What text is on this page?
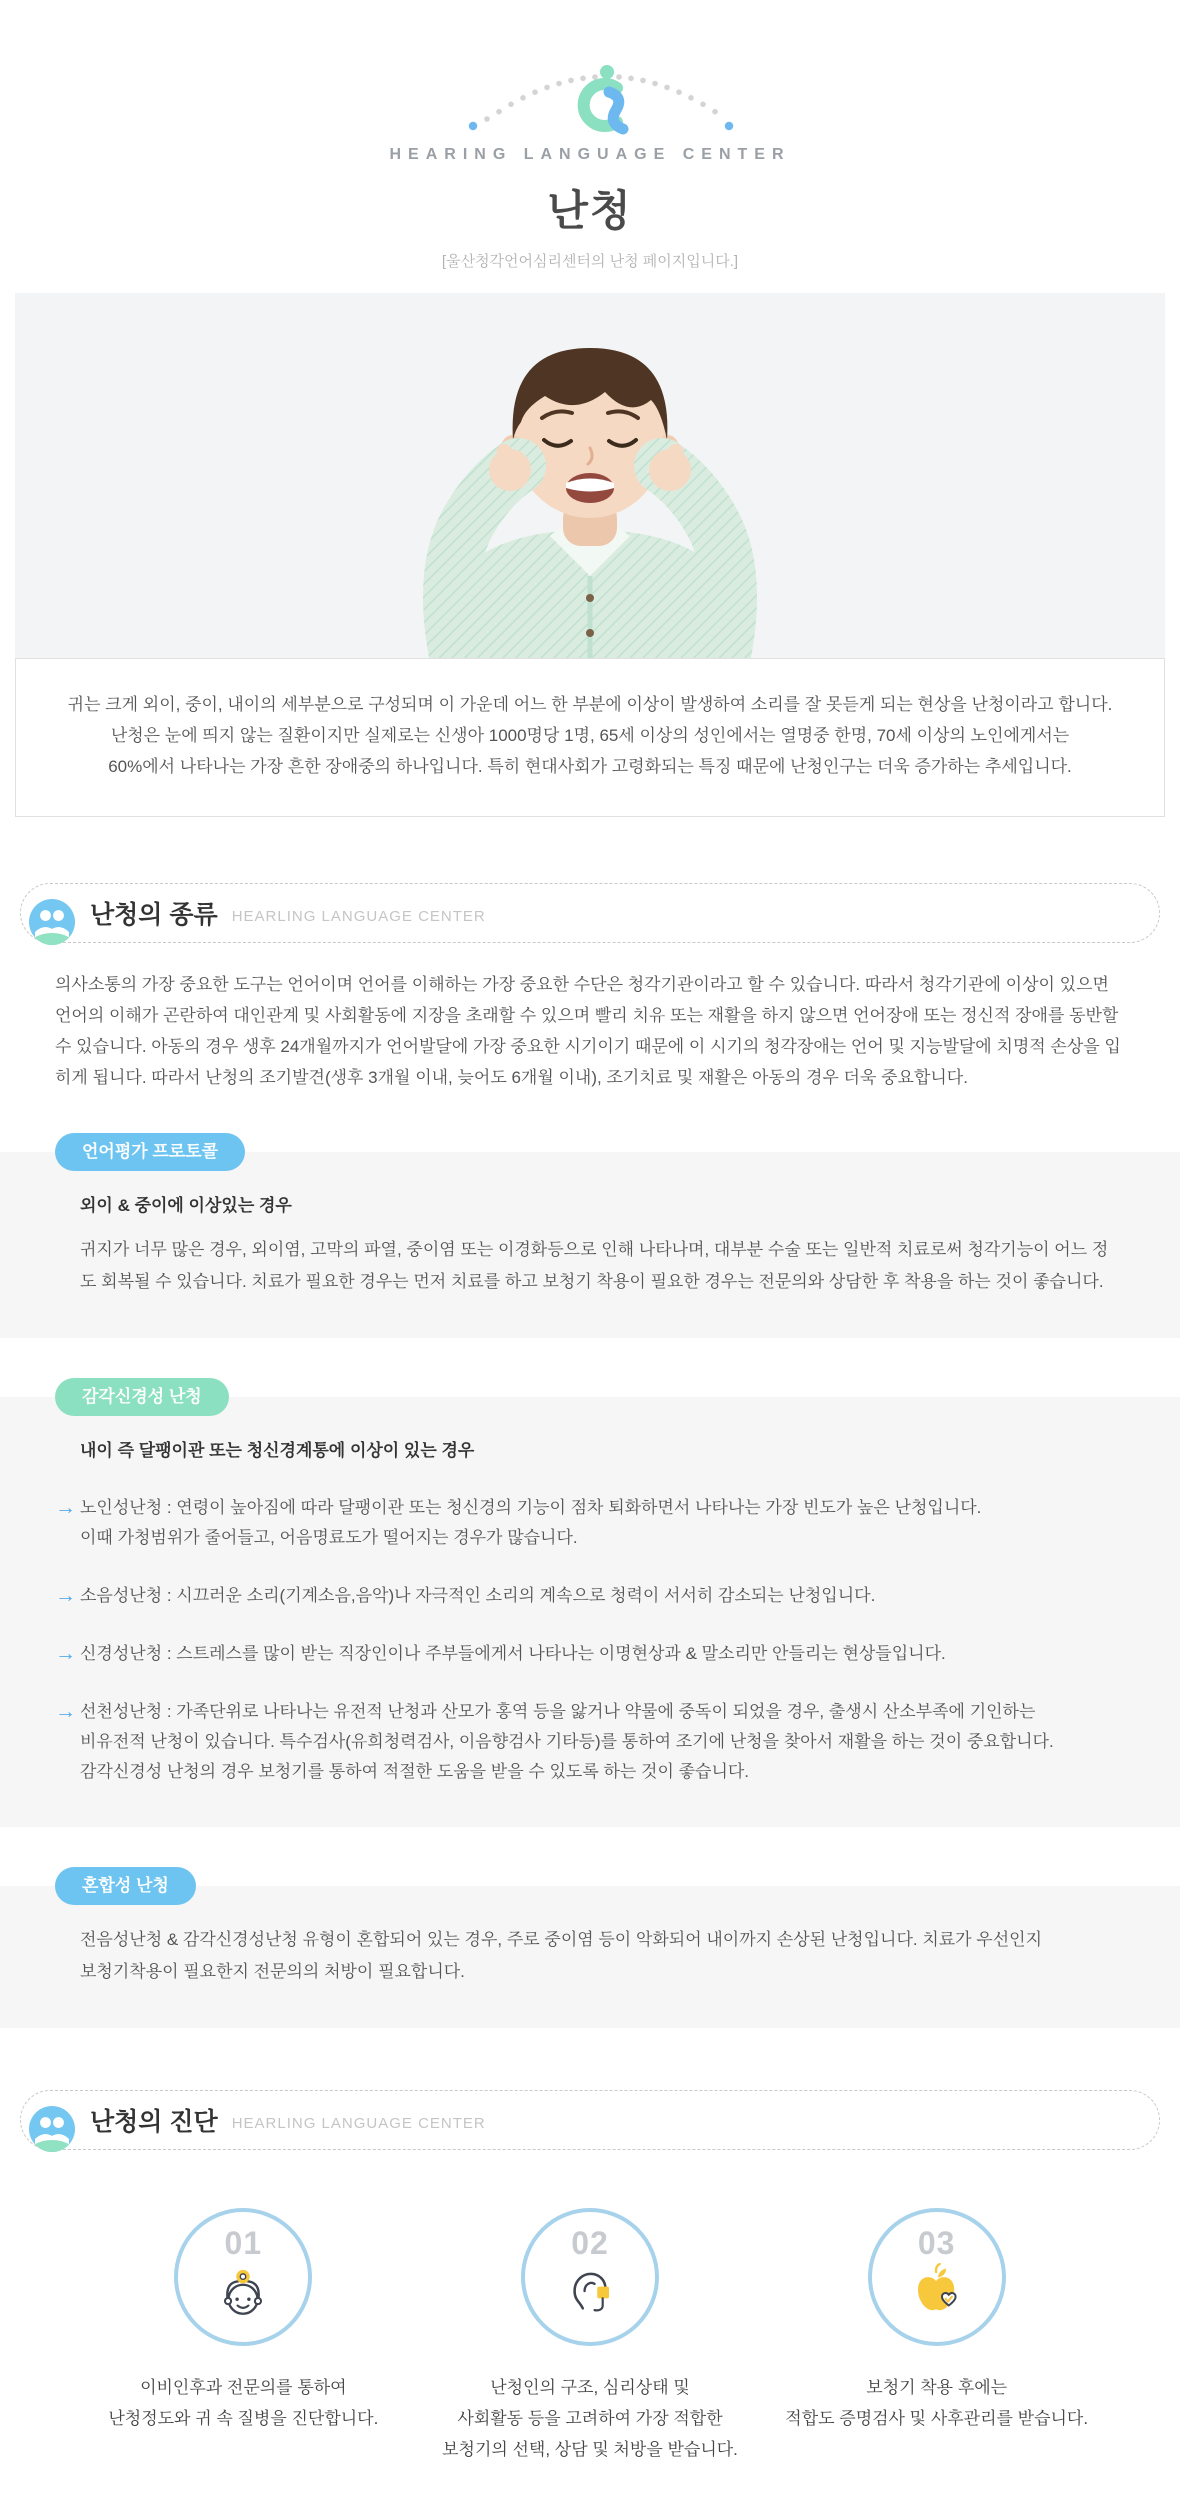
HEARING LANGUAGE CENTER
난청
[울산청각언어심리센터의 난청 페이지입니다.]
귀는 크게 외이, 중이, 내이의 세부분으로 구성되며 이 가운데 어느 한 부분에 이상이 발생하여 소리를 잘 못듣게 되는 현상을 난청이라고 합니다.
난청은 눈에 띄지 않는 질환이지만 실제로는 신생아 1000명당 1명, 65세 이상의 성인에서는 열명중 한명, 70세 이상의 노인에게서는
60%에서 나타나는 가장 흔한 장애중의 하나입니다. 특히 현대사회가 고령화되는 특징 때문에 난청인구는 더욱 증가하는 추세입니다.
난청의 종류 HEARLING LANGUAGE CENTER
의사소통의 가장 중요한 도구는 언어이며 언어를 이해하는 가장 중요한 수단은 청각기관이라고 할 수 있습니다. 따라서 청각기관에 이상이 있으면 언어의 이해가 곤란하여 대인관계 및 사회활동에 지장을 초래할 수 있으며 빨리 치유 또는 재활을 하지 않으면 언어장애 또는 정신적 장애를 동반할 수 있습니다. 아동의 경우 생후 24개월까지가 언어발달에 가장 중요한 시기이기 때문에 이 시기의 청각장애는 언어 및 지능발달에 치명적 손상을 입히게 됩니다. 따라서 난청의 조기발견(생후 3개월 이내, 늦어도 6개월 이내), 조기치료 및 재활은 아동의 경우 더욱 중요합니다.
언어평가 프로토콜
외이 & 중이에 이상있는 경우
귀지가 너무 많은 경우, 외이염, 고막의 파열, 중이염 또는 이경화등으로 인해 나타나며, 대부분 수술 또는 일반적 치료로써 청각기능이 어느 정도 회복될 수 있습니다. 치료가 필요한 경우는 먼저 치료를 하고 보청기 착용이 필요한 경우는 전문의와 상담한 후 착용을 하는 것이 좋습니다.
감각신경성 난청
내이 즉 달팽이관 또는 청신경계통에 이상이 있는 경우
→ 노인성난청 : 연령이 높아짐에 따라 달팽이관 또는 청신경의 기능이 점차 퇴화하면서 나타나는 가장 빈도가 높은 난청입니다.
이때 가청범위가 줄어들고, 어음명료도가 떨어지는 경우가 많습니다.
→ 소음성난청 : 시끄러운 소리(기계소음,음악)나 자극적인 소리의 계속으로 청력이 서서히 감소되는 난청입니다.
→ 신경성난청 : 스트레스를 많이 받는 직장인이나 주부들에게서 나타나는 이명현상과 & 말소리만 안들리는 현상들입니다.
→ 선천성난청 : 가족단위로 나타나는 유전적 난청과 산모가 홍역 등을 앓거나 약물에 중독이 되었을 경우, 출생시 산소부족에 기인하는
비유전적 난청이 있습니다. 특수검사(유희청력검사, 이음향검사 기타등)를 통하여 조기에 난청을 찾아서 재활을 하는 것이 중요합니다.
감각신경성 난청의 경우 보청기를 통하여 적절한 도움을 받을 수 있도록 하는 것이 좋습니다.
혼합성 난청
전음성난청 & 감각신경성난청 유형이 혼합되어 있는 경우, 주로 중이염 등이 악화되어 내이까지 손상된 난청입니다. 치료가 우선인지
보청기착용이 필요한지 전문의의 처방이 필요합니다.
난청의 진단 HEARLING LANGUAGE CENTER
01
이비인후과 전문의를 통하여
난청정도와 귀 속 질병을 진단합니다.
02
난청인의 구조, 심리상태 및
사회활동 등을 고려하여 가장 적합한
보청기의 선택, 상담 및 처방을 받습니다.
03
보청기 착용 후에는
적합도 증명검사 및 사후관리를 받습니다.
